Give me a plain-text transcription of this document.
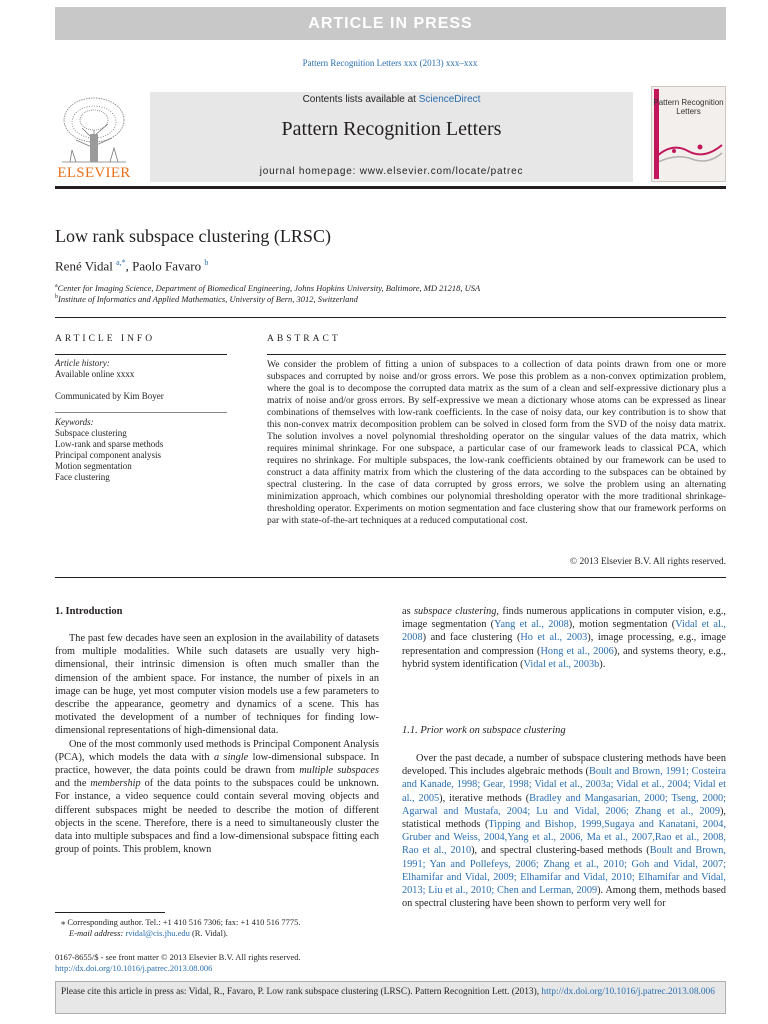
ARTICLE IN PRESS
Pattern Recognition Letters xxx (2013) xxx–xxx
ELSEVIER
Contents lists available at ScienceDirect
Pattern Recognition Letters
journal homepage: www.elsevier.com/locate/patrec
Pattern Recognition Letters
Low rank subspace clustering (LRSC)
René Vidal $^{a,*}$, Paolo Favaro $^b$
$^a$Center for Imaging Science, Department of Biomedical Engineering, Johns Hopkins University, Baltimore, MD 21218, USA
$^b$Institute of Informatics and Applied Mathematics, University of Bern, 3012, Switzerland
ARTICLE INFO
Article history:
Available online xxxx
Communicated by Kim Boyer
Keywords:
Subspace clustering
Low-rank and sparse methods
Principal component analysis
Motion segmentation
Face clustering
ABSTRACT
We consider the problem of fitting a union of subspaces to a collection of data points drawn from one or more subspaces and corrupted by noise and/or gross errors. We pose this problem as a non-convex optimization problem, where the goal is to decompose the corrupted data matrix as the sum of a clean and self-expressive dictionary plus a matrix of noise and/or gross errors. By self-expressive we mean a dictionary whose atoms can be expressed as linear combinations of themselves with low-rank coefficients. In the case of noisy data, our key contribution is to show that this non-convex matrix decomposition problem can be solved in closed form from the SVD of the noisy data matrix. The solution involves a novel polynomial thresholding operator on the singular values of the data matrix, which requires minimal shrinkage. For one subspace, a particular case of our framework leads to classical PCA, which requires no shrinkage. For multiple subspaces, the low-rank coefficients obtained by our framework can be used to construct a data affinity matrix from which the clustering of the data according to the subspaces can be obtained by spectral clustering. In the case of data corrupted by gross errors, we solve the problem using an alternating minimization approach, which combines our polynomial thresholding operator with the more traditional shrinkage-thresholding operator. Experiments on motion segmentation and face clustering show that our framework performs on par with state-of-the-art techniques at a reduced computational cost.
© 2013 Elsevier B.V. All rights reserved.
1. Introduction

The past few decades have seen an explosion in the availability of datasets from multiple modalities. While such datasets are usually very high-dimensional, their intrinsic dimension is often much smaller than the dimension of the ambient space. For instance, the number of pixels in an image can be huge, yet most computer vision models use a few parameters to describe the appearance, geometry and dynamics of a scene. This has motivated the development of a number of techniques for finding low-dimensional representations of high-dimensional data.

One of the most commonly used methods is Principal Component Analysis (PCA), which models the data with a single low-dimensional subspace. In practice, however, the data points could be drawn from multiple subspaces and the membership of the data points to the subspaces could be unknown. For instance, a video sequence could contain several moving objects and different subspaces might be needed to describe the motion of different objects in the scene. Therefore, there is a need to simultaneously cluster the data into multiple subspaces and find a low-dimensional subspace fitting each group of points. This problem, known

as subspace clustering, finds numerous applications in computer vision, e.g., image segmentation (Yang et al., 2008), motion segmentation (Vidal et al., 2008) and face clustering (Ho et al., 2003), image processing, e.g., image representation and compression (Hong et al., 2006), and systems theory, e.g., hybrid system identification (Vidal et al., 2003b).

1.1. Prior work on subspace clustering

Over the past decade, a number of subspace clustering methods have been developed. This includes algebraic methods (Boult and Brown, 1991; Costeira and Kanade, 1998; Gear, 1998; Vidal et al., 2003a; Vidal et al., 2004; Vidal et al., 2005), iterative methods (Bradley and Mangasarian, 2000; Tseng, 2000; Agarwal and Mustafa, 2004; Lu and Vidal, 2006; Zhang et al., 2009), statistical methods (Tipping and Bishop, 1999,Sugaya and Kanatani, 2004, Gruber and Weiss, 2004,Yang et al., 2006, Ma et al., 2007,Rao et al., 2008, Rao et al., 2010), and spectral clustering-based methods (Boult and Brown, 1991; Yan and Pollefeys, 2006; Zhang et al., 2010; Goh and Vidal, 2007; Elhamifar and Vidal, 2009; Elhamifar and Vidal, 2010; Elhamifar and Vidal, 2013; Liu et al., 2010; Chen and Lerman, 2009). Among them, methods based on spectral clustering have been shown to perform very well for

⁎ Corresponding author. Tel.: +1 410 516 7306; fax: +1 410 516 7775.
E-mail address: rvidal@cis.jhu.edu (R. Vidal).
0167-8655/$ - see front matter © 2013 Elsevier B.V. All rights reserved.
http://dx.doi.org/10.1016/j.patrec.2013.08.006
Please cite this article in press as: Vidal, R., Favaro, P. Low rank subspace clustering (LRSC). Pattern Recognition Lett. (2013), http://dx.doi.org/10.1016/j.patrec.2013.08.006
